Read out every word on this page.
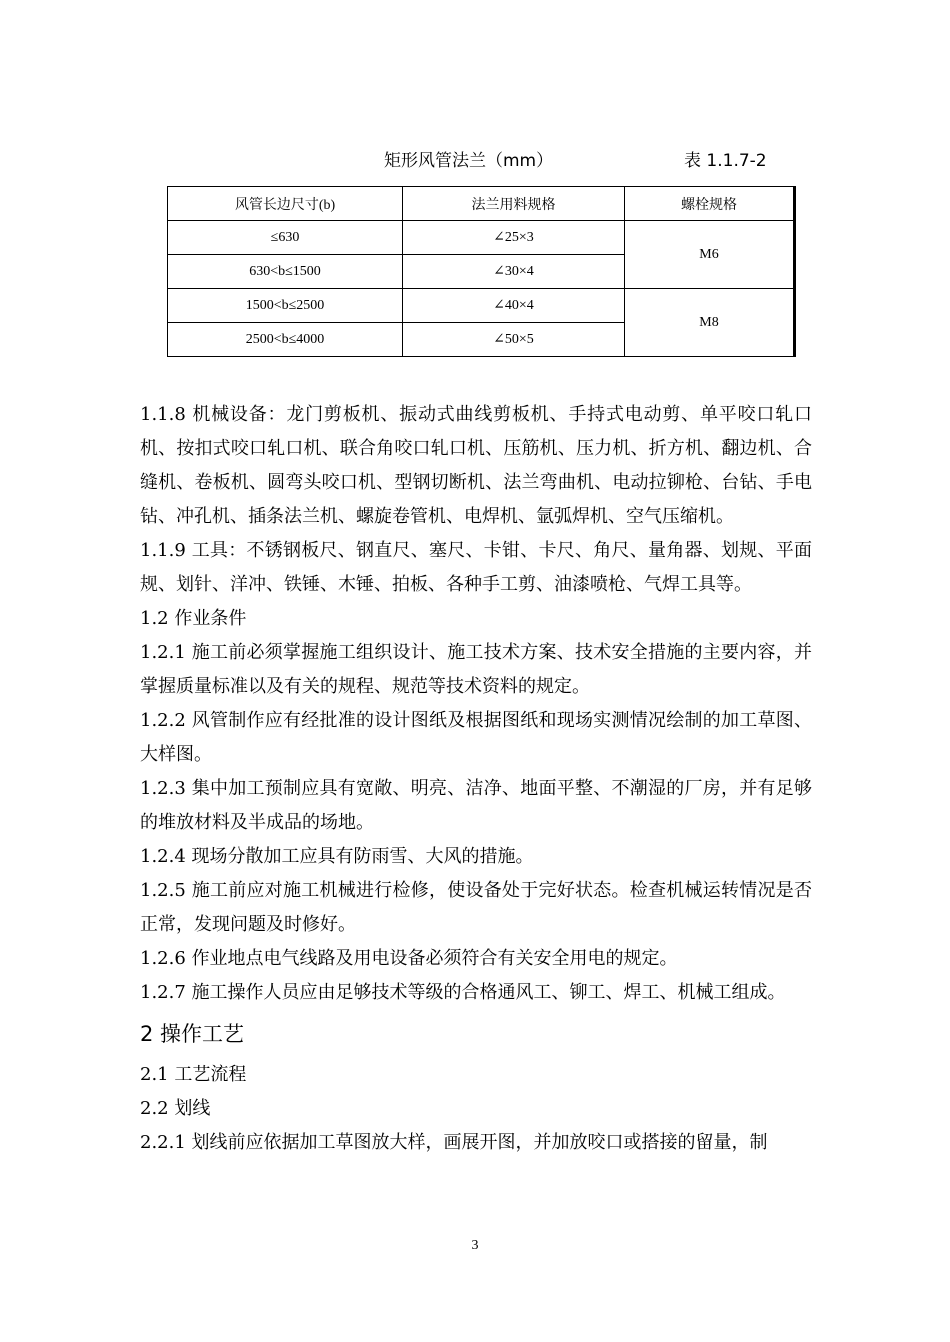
矩形风管法兰（mm）	表 1.1.7-2
风管长边尺寸(b)	法兰用料规格	螺栓规格
≤630	∠25×3	M6
630<b≤1500	∠30×4	
1500<b≤2500	∠40×4	M8
2500<b≤4000	∠50×5	

1.1.8 机械设备：龙门剪板机、振动式曲线剪板机、手持式电动剪、单平咬口轧口机、按扣式咬口轧口机、联合角咬口轧口机、压筋机、压力机、折方机、翻边机、合缝机、卷板机、圆弯头咬口机、型钢切断机、法兰弯曲机、电动拉铆枪、台钻、手电钻、冲孔机、插条法兰机、螺旋卷管机、电焊机、氩弧焊机、空气压缩机。

1.1.9 工具：不锈钢板尺、钢直尺、塞尺、卡钳、卡尺、角尺、量角器、划规、平面规、划针、洋冲、铁锤、木锤、拍板、各种手工剪、油漆喷枪、气焊工具等。

1.2 作业条件

1.2.1 施工前必须掌握施工组织设计、施工技术方案、技术安全措施的主要内容，并掌握质量标准以及有关的规程、规范等技术资料的规定。

1.2.2 风管制作应有经批准的设计图纸及根据图纸和现场实测情况绘制的加工草图、大样图。

1.2.3 集中加工预制应具有宽敞、明亮、洁净、地面平整、不潮湿的厂房，并有足够的堆放材料及半成品的场地。

1.2.4 现场分散加工应具有防雨雪、大风的措施。

1.2.5 施工前应对施工机械进行检修，使设备处于完好状态。检查机械运转情况是否正常，发现问题及时修好。

1.2.6 作业地点电气线路及用电设备必须符合有关安全用电的规定。

1.2.7 施工操作人员应由足够技术等级的合格通风工、铆工、焊工、机械工组成。

2 操作工艺

2.1 工艺流程

2.2 划线

2.2.1 划线前应依据加工草图放大样，画展开图，并加放咬口或搭接的留量，制

3
